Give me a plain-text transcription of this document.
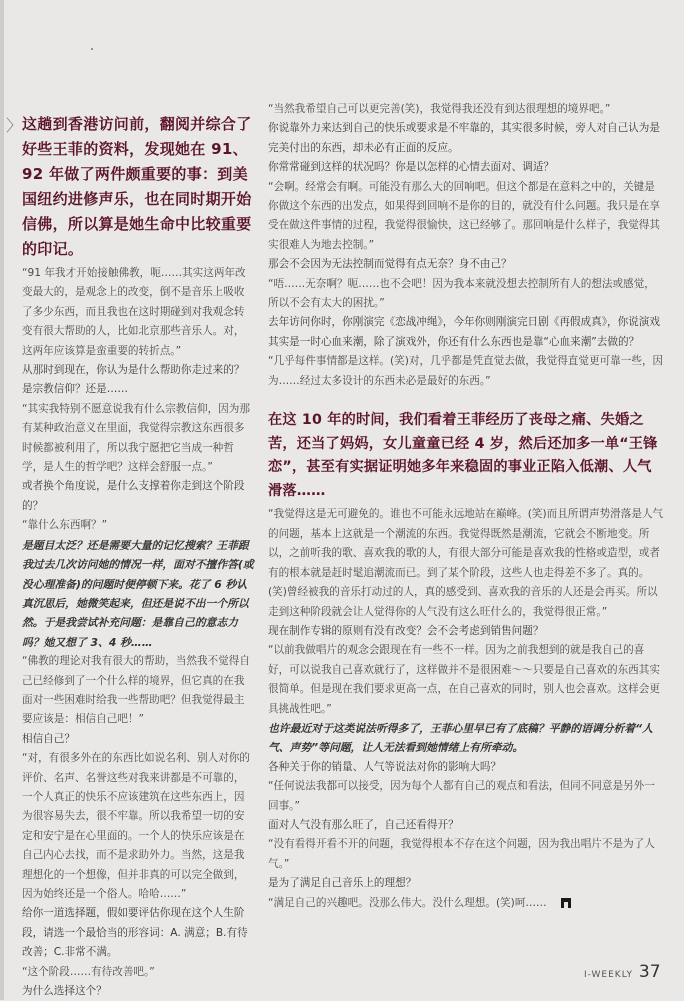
〉 这趟到香港访问前，翻阅并综合了好些王菲的资料，发现她在 91、92 年做了两件颇重要的事：到美国纽约进修声乐，也在同时期开始信佛，所以算是她生命中比较重要的印记。

“91 年我才开始接触佛教，呃……其实这两年改变最大的，是观念上的改变，倒不是音乐上吸收了多少东西，而且我也在这时期碰到对我观念转变有很大帮助的人，比如北京那些音乐人。对，这两年应该算是蛮重要的转折点。”

从那时到现在，你认为是什么帮助你走过来的？是宗教信仰？还是……

“其实我特别不愿意说我有什么宗教信仰，因为那有某种政治意义在里面，我觉得宗教这东西很多时候都被利用了，所以我宁愿把它当成一种哲学，是人生的哲学吧？这样会舒服一点。”

或者换个角度说，是什么支撑着你走到这个阶段的？

“靠什么东西啊？”

是题目太泛？还是需要大量的记忆搜索？王菲跟我过去几次访问她的情况一样，面对不擅作答(或没心理准备)的问题时便停顿下来。花了 6 秒认真沉思后，她微笑起来，但还是说不出一个所以然。于是我尝试补充问题：是靠自己的意志力吗？她又想了 3、4 秒……

“佛教的理论对我有很大的帮助，当然我不觉得自己已经修到了一个什么样的境界，但它真的在我面对一些困难时给我一些帮助吧？但我觉得最主要应该是：相信自己吧！”

相信自己？

“对，有很多外在的东西比如说名利、别人对你的评价、名声、名誉这些对我来讲都是不可靠的，一个人真正的快乐不应该建筑在这些东西上，因为很容易失去，很不牢靠。所以我希望一切的安定和安宁是在心里面的。一个人的快乐应该是在自己内心去找，而不是求助外力。当然，这是我理想化的一个想像，但并非真的可以完全做到，因为始终还是一个俗人。哈哈……”

给你一道选择题，假如要评估你现在这个人生阶段，请选一个最恰当的形容词：A. 满意；B.有待改善；C.非常不满。

“这个阶段……有待改善吧。”

为什么选择这个？

“当然我希望自己可以更完善(笑)，我觉得我还没有到达很理想的境界吧。”

你说靠外力来达到自己的快乐或要求是不牢靠的，其实很多时候，旁人对自己认为是完美付出的东西，却未必有正面的反应。

你常常碰到这样的状况吗？你是以怎样的心情去面对、调适？

“会啊。经常会有啊。可能没有那么大的回响吧。但这个都是在意料之中的，关键是你做这个东西的出发点，如果得到回响不是你的目的，就没有什么问题。我只是在享受在做这件事情的过程，我觉得很愉快，这已经够了。那回响是什么样子，我觉得其实很难人为地去控制。”

那会不会因为无法控制而觉得有点无奈？身不由己？

“唔……无奈啊？呃……也不会吧！因为我本来就没想去控制所有人的想法或感觉，所以不会有太大的困扰。”

去年访问你时，你刚演完《恋战冲绳》，今年你则刚演完日剧《再假成真》，你说演戏其实是一时心血来潮，除了演戏外，你还有什么东西也是靠“心血来潮”去做的？

“几乎每件事情都是这样。(笑)对，几乎都是凭直觉去做，我觉得直觉更可靠一些，因为……经过太多设计的东西未必是最好的东西。”

在这 10 年的时间，我们看着王菲经历了丧母之痛、失婚之苦，还当了妈妈，女儿童童已经 4 岁，然后还加多一单“王锋恋”，甚至有实据证明她多年来稳固的事业正陷入低潮、人气滑落……

“我觉得这是无可避免的。谁也不可能永远地站在巅峰。(笑)而且所谓声势滑落是人气的问题，基本上这就是一个潮流的东西。我觉得既然是潮流，它就会不断地变。所以，之前听我的歌、喜欢我的歌的人，有很大部分可能是喜欢我的性格或造型，或者有的根本就是赶时髦追潮流而已。到了某个阶段，这些人也走得差不多了。真的。(笑)曾经被我的音乐打动过的人，真的感受到、喜欢我的音乐的人还是会再买。所以走到这种阶段就会让人觉得你的人气没有这么旺什么的，我觉得很正常。”

现在制作专辑的原则有没有改变？会不会考虑到销售问题？

“以前我做唱片的观念会跟现在有一些不一样。因为之前我想到的就是我自己的喜好，可以说我自己喜欢就行了，这样做并不是很困难～～只要是自己喜欢的东西其实很简单。但是现在我们要求更高一点，在自己喜欢的同时，别人也会喜欢。这样会更具挑战性吧。”

也许最近对于这类说法听得多了，王菲心里早已有了底稿？平静的语调分析着“人气、声势”等问题，让人无法看到她情绪上有所牵动。

各种关于你的销量、人气等说法对你的影响大吗？

“任何说法我都可以接受，因为每个人都有自己的观点和看法，但同不同意是另外一回事。”

面对人气没有那么旺了，自己还看得开？

“没有看得开看不开的问题，我觉得根本不存在这个问题，因为我出唱片不是为了人气。”

是为了满足自己音乐上的理想？

“满足自己的兴趣吧。没那么伟大。没什么理想。(笑)呵……

I-WEEKLY 37
